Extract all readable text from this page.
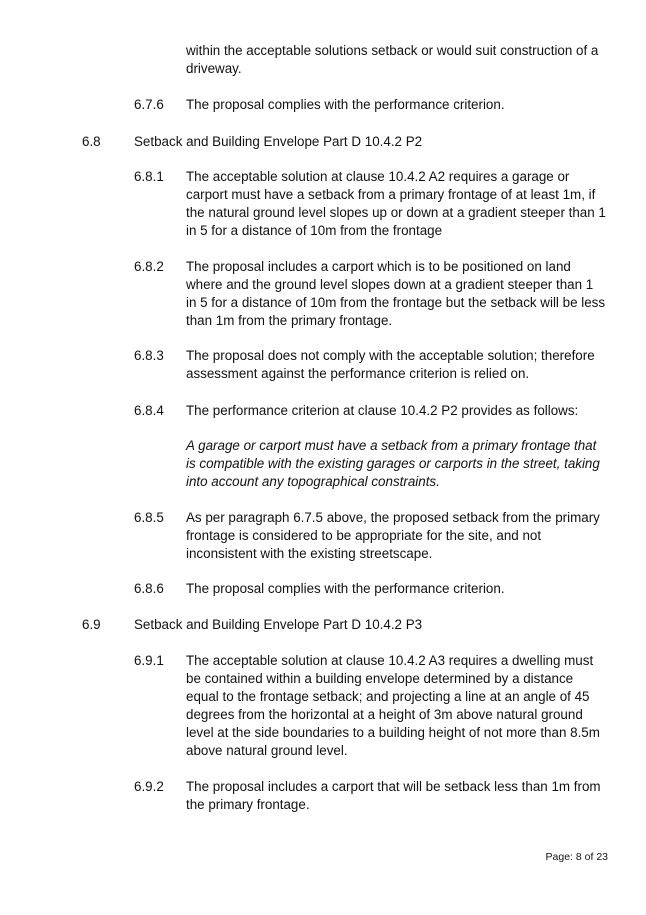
within the acceptable solutions setback or would suit construction of a driveway.

6.7.6 The proposal complies with the performance criterion.

6.8 Setback and Building Envelope Part D 10.4.2 P2

6.8.1 The acceptable solution at clause 10.4.2 A2 requires a garage or carport must have a setback from a primary frontage of at least 1m, if the natural ground level slopes up or down at a gradient steeper than 1 in 5 for a distance of 10m from the frontage

6.8.2 The proposal includes a carport which is to be positioned on land where and the ground level slopes down at a gradient steeper than 1 in 5 for a distance of 10m from the frontage but the setback will be less than 1m from the primary frontage.

6.8.3 The proposal does not comply with the acceptable solution; therefore assessment against the performance criterion is relied on.

6.8.4 The performance criterion at clause 10.4.2 P2 provides as follows:

A garage or carport must have a setback from a primary frontage that is compatible with the existing garages or carports in the street, taking into account any topographical constraints.

6.8.5 As per paragraph 6.7.5 above, the proposed setback from the primary frontage is considered to be appropriate for the site, and not inconsistent with the existing streetscape.

6.8.6 The proposal complies with the performance criterion.

6.9 Setback and Building Envelope Part D 10.4.2 P3

6.9.1 The acceptable solution at clause 10.4.2 A3 requires a dwelling must be contained within a building envelope determined by a distance equal to the frontage setback; and projecting a line at an angle of 45 degrees from the horizontal at a height of 3m above natural ground level at the side boundaries to a building height of not more than 8.5m above natural ground level.

6.9.2 The proposal includes a carport that will be setback less than 1m from the primary frontage.

Page: 8 of 23
